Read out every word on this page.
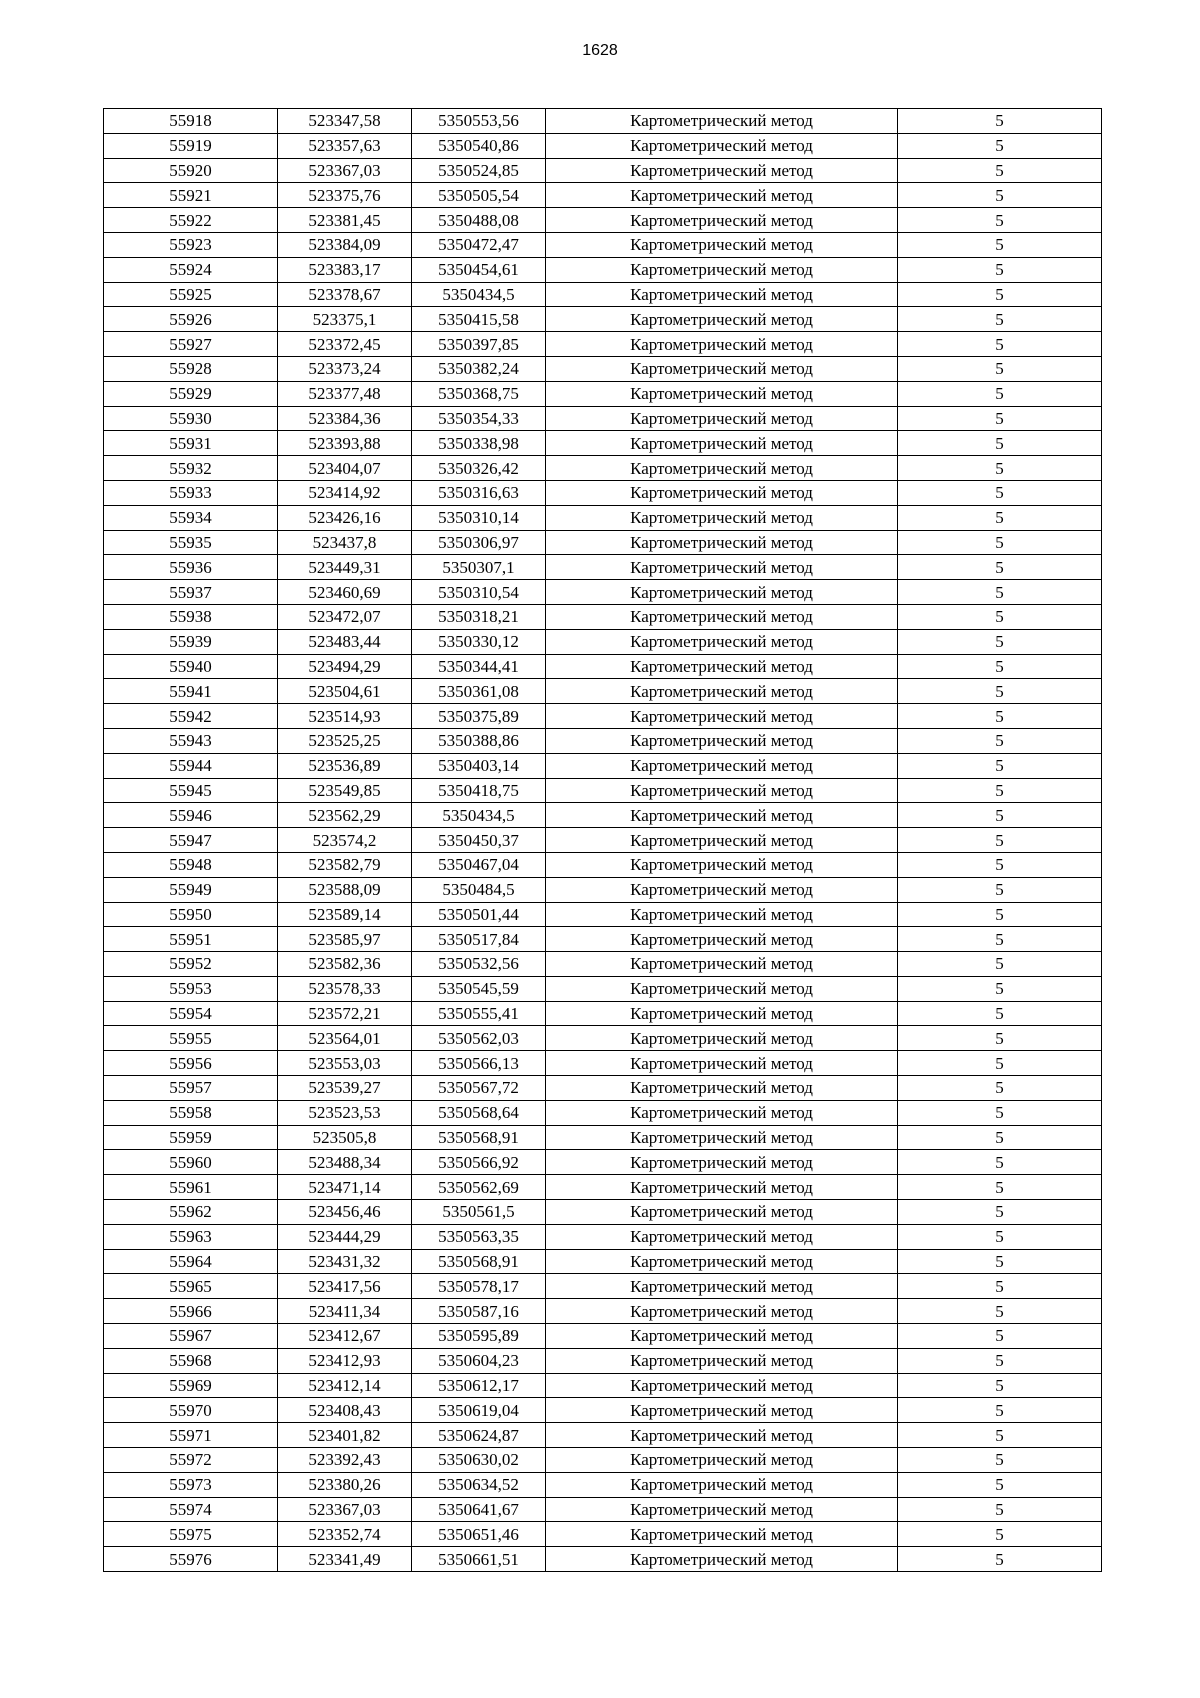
1628
55918	523347,58	5350553,56	Картометрический метод	5
55919	523357,63	5350540,86	Картометрический метод	5
55920	523367,03	5350524,85	Картометрический метод	5
55921	523375,76	5350505,54	Картометрический метод	5
55922	523381,45	5350488,08	Картометрический метод	5
55923	523384,09	5350472,47	Картометрический метод	5
55924	523383,17	5350454,61	Картометрический метод	5
55925	523378,67	5350434,5	Картометрический метод	5
55926	523375,1	5350415,58	Картометрический метод	5
55927	523372,45	5350397,85	Картометрический метод	5
55928	523373,24	5350382,24	Картометрический метод	5
55929	523377,48	5350368,75	Картометрический метод	5
55930	523384,36	5350354,33	Картометрический метод	5
55931	523393,88	5350338,98	Картометрический метод	5
55932	523404,07	5350326,42	Картометрический метод	5
55933	523414,92	5350316,63	Картометрический метод	5
55934	523426,16	5350310,14	Картометрический метод	5
55935	523437,8	5350306,97	Картометрический метод	5
55936	523449,31	5350307,1	Картометрический метод	5
55937	523460,69	5350310,54	Картометрический метод	5
55938	523472,07	5350318,21	Картометрический метод	5
55939	523483,44	5350330,12	Картометрический метод	5
55940	523494,29	5350344,41	Картометрический метод	5
55941	523504,61	5350361,08	Картометрический метод	5
55942	523514,93	5350375,89	Картометрический метод	5
55943	523525,25	5350388,86	Картометрический метод	5
55944	523536,89	5350403,14	Картометрический метод	5
55945	523549,85	5350418,75	Картометрический метод	5
55946	523562,29	5350434,5	Картометрический метод	5
55947	523574,2	5350450,37	Картометрический метод	5
55948	523582,79	5350467,04	Картометрический метод	5
55949	523588,09	5350484,5	Картометрический метод	5
55950	523589,14	5350501,44	Картометрический метод	5
55951	523585,97	5350517,84	Картометрический метод	5
55952	523582,36	5350532,56	Картометрический метод	5
55953	523578,33	5350545,59	Картометрический метод	5
55954	523572,21	5350555,41	Картометрический метод	5
55955	523564,01	5350562,03	Картометрический метод	5
55956	523553,03	5350566,13	Картометрический метод	5
55957	523539,27	5350567,72	Картометрический метод	5
55958	523523,53	5350568,64	Картометрический метод	5
55959	523505,8	5350568,91	Картометрический метод	5
55960	523488,34	5350566,92	Картометрический метод	5
55961	523471,14	5350562,69	Картометрический метод	5
55962	523456,46	5350561,5	Картометрический метод	5
55963	523444,29	5350563,35	Картометрический метод	5
55964	523431,32	5350568,91	Картометрический метод	5
55965	523417,56	5350578,17	Картометрический метод	5
55966	523411,34	5350587,16	Картометрический метод	5
55967	523412,67	5350595,89	Картометрический метод	5
55968	523412,93	5350604,23	Картометрический метод	5
55969	523412,14	5350612,17	Картометрический метод	5
55970	523408,43	5350619,04	Картометрический метод	5
55971	523401,82	5350624,87	Картометрический метод	5
55972	523392,43	5350630,02	Картометрический метод	5
55973	523380,26	5350634,52	Картометрический метод	5
55974	523367,03	5350641,67	Картометрический метод	5
55975	523352,74	5350651,46	Картометрический метод	5
55976	523341,49	5350661,51	Картометрический метод	5
